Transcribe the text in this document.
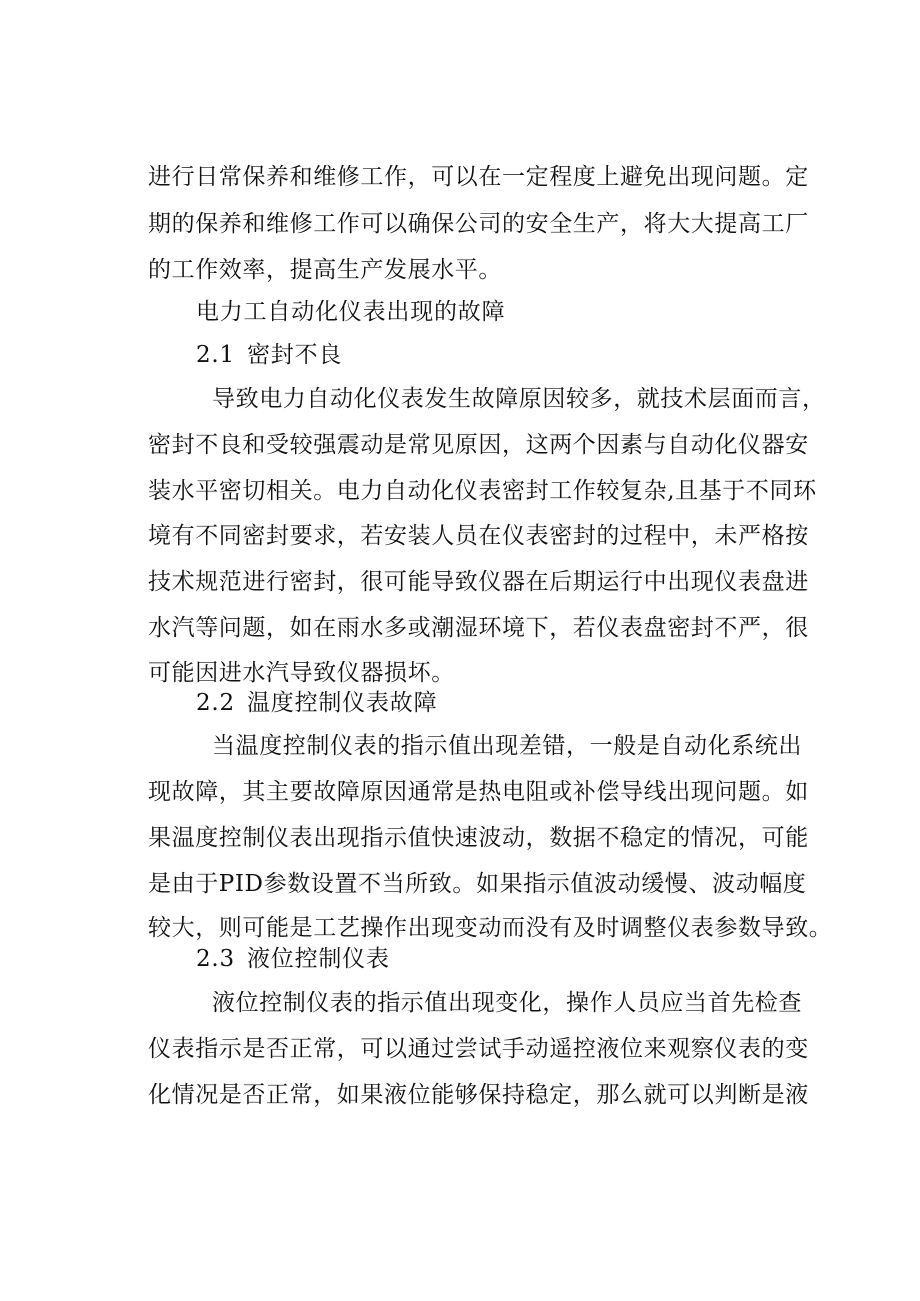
进行日常保养和维修工作，可以在一定程度上避免出现问题。定
期的保养和维修工作可以确保公司的安全生产，将大大提高工厂
的工作效率，提高生产发展水平。
电力工自动化仪表出现的故障
2.1 密封不良
导致电力自动化仪表发生故障原因较多，就技术层面而言，
密封不良和受较强震动是常见原因，这两个因素与自动化仪器安
装水平密切相关。电力自动化仪表密封工作较复杂,且基于不同环
境有不同密封要求，若安装人员在仪表密封的过程中，未严格按
技术规范进行密封，很可能导致仪器在后期运行中出现仪表盘进
水汽等问题，如在雨水多或潮湿环境下，若仪表盘密封不严，很
可能因进水汽导致仪器损坏。
2.2 温度控制仪表故障
当温度控制仪表的指示值出现差错，一般是自动化系统出
现故障，其主要故障原因通常是热电阻或补偿导线出现问题。如
果温度控制仪表出现指示值快速波动，数据不稳定的情况，可能
是由于PID参数设置不当所致。如果指示值波动缓慢、波动幅度
较大，则可能是工艺操作出现变动而没有及时调整仪表参数导致。
2.3 液位控制仪表
液位控制仪表的指示值出现变化，操作人员应当首先检查
仪表指示是否正常，可以通过尝试手动遥控液位来观察仪表的变
化情况是否正常，如果液位能够保持稳定，那么就可以判断是液
